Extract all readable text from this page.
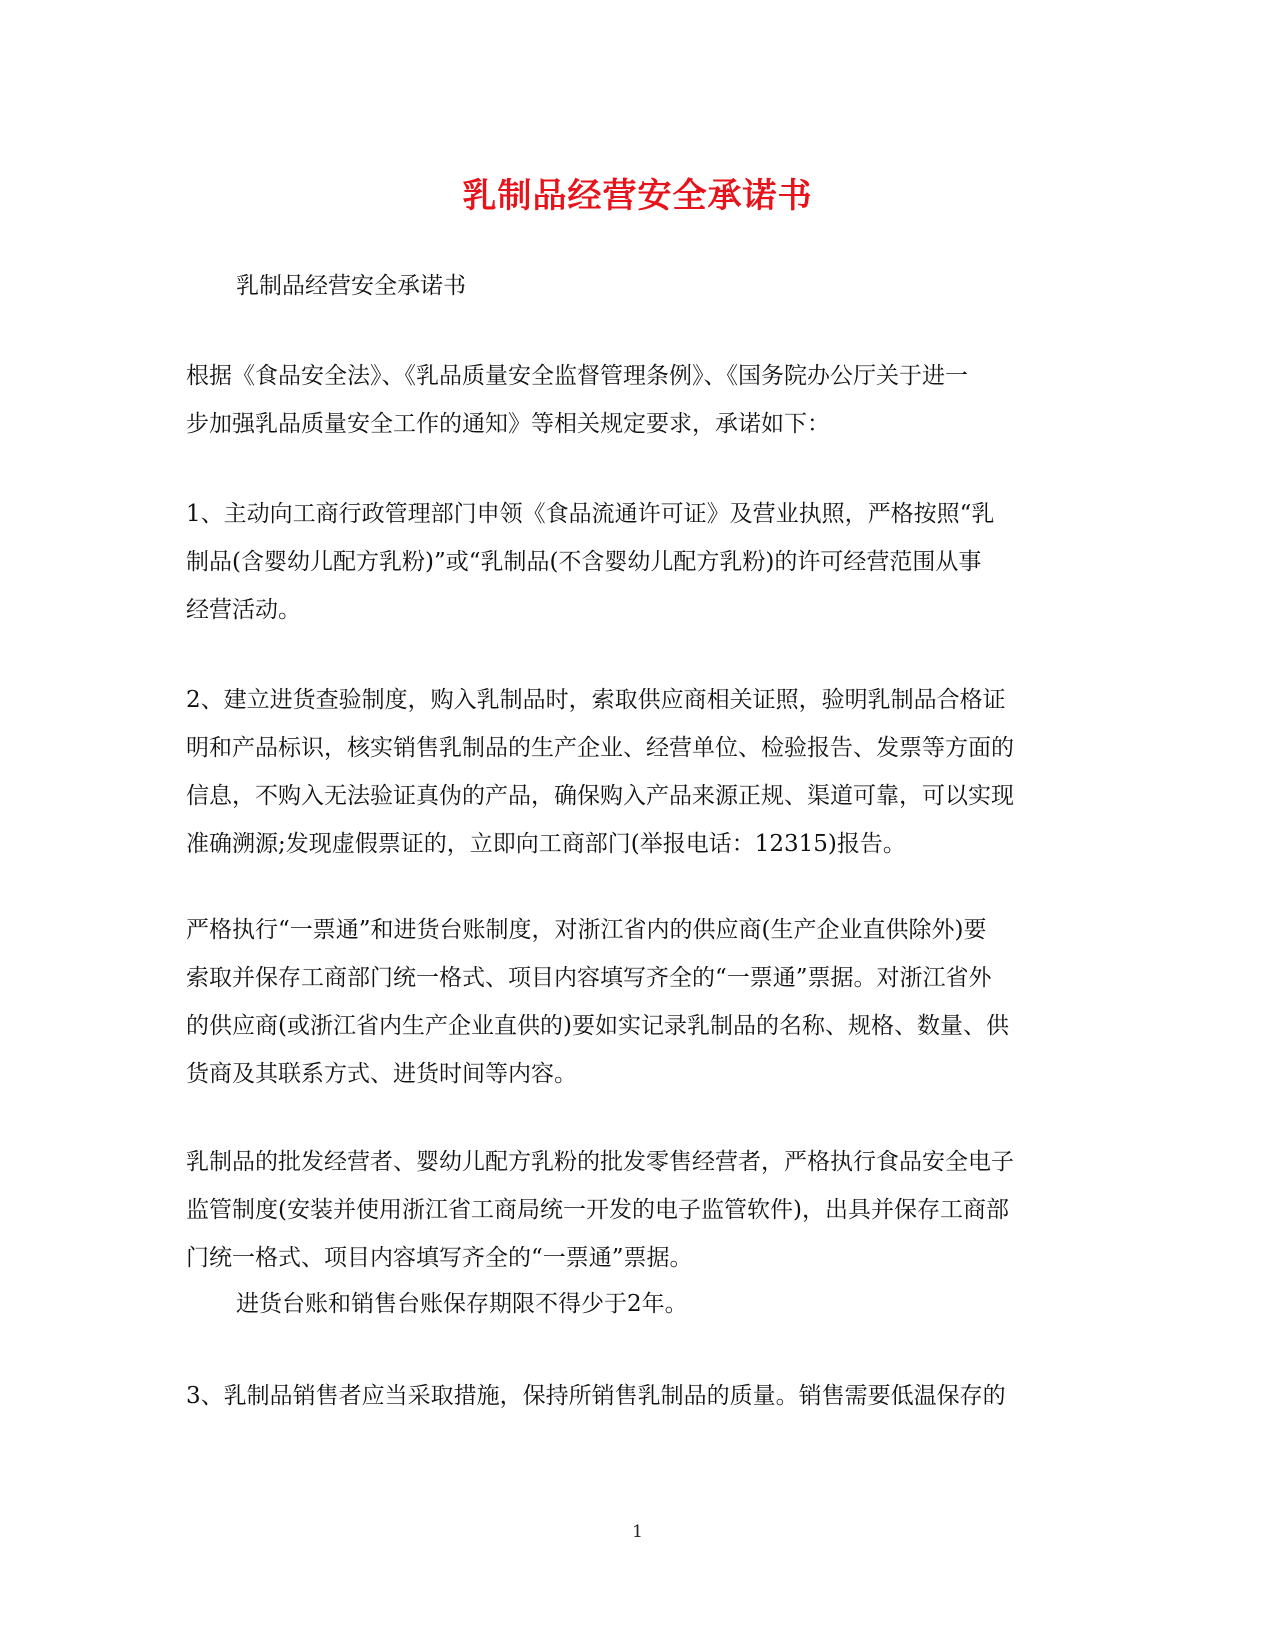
乳制品经营安全承诺书
乳制品经营安全承诺书
根据《食品安全法》、《乳品质量安全监督管理条例》、《国务院办公厅关于进一
步加强乳品质量安全工作的通知》等相关规定要求，承诺如下：
1、主动向工商行政管理部门申领《食品流通许可证》及营业执照，严格按照“乳
制品(含婴幼儿配方乳粉)”或“乳制品(不含婴幼儿配方乳粉)的许可经营范围从事
经营活动。
2、建立进货查验制度，购入乳制品时，索取供应商相关证照，验明乳制品合格证
明和产品标识，核实销售乳制品的生产企业、经营单位、检验报告、发票等方面的
信息，不购入无法验证真伪的产品，确保购入产品来源正规、渠道可靠，可以实现
准确溯源;发现虚假票证的，立即向工商部门(举报电话：12315)报告。
严格执行“一票通”和进货台账制度，对浙江省内的供应商(生产企业直供除外)要
索取并保存工商部门统一格式、项目内容填写齐全的“一票通”票据。对浙江省外
的供应商(或浙江省内生产企业直供的)要如实记录乳制品的名称、规格、数量、供
货商及其联系方式、进货时间等内容。
乳制品的批发经营者、婴幼儿配方乳粉的批发零售经营者，严格执行食品安全电子
监管制度(安装并使用浙江省工商局统一开发的电子监管软件)，出具并保存工商部
门统一格式、项目内容填写齐全的“一票通”票据。
进货台账和销售台账保存期限不得少于2年。
3、乳制品销售者应当采取措施，保持所销售乳制品的质量。销售需要低温保存的
1
